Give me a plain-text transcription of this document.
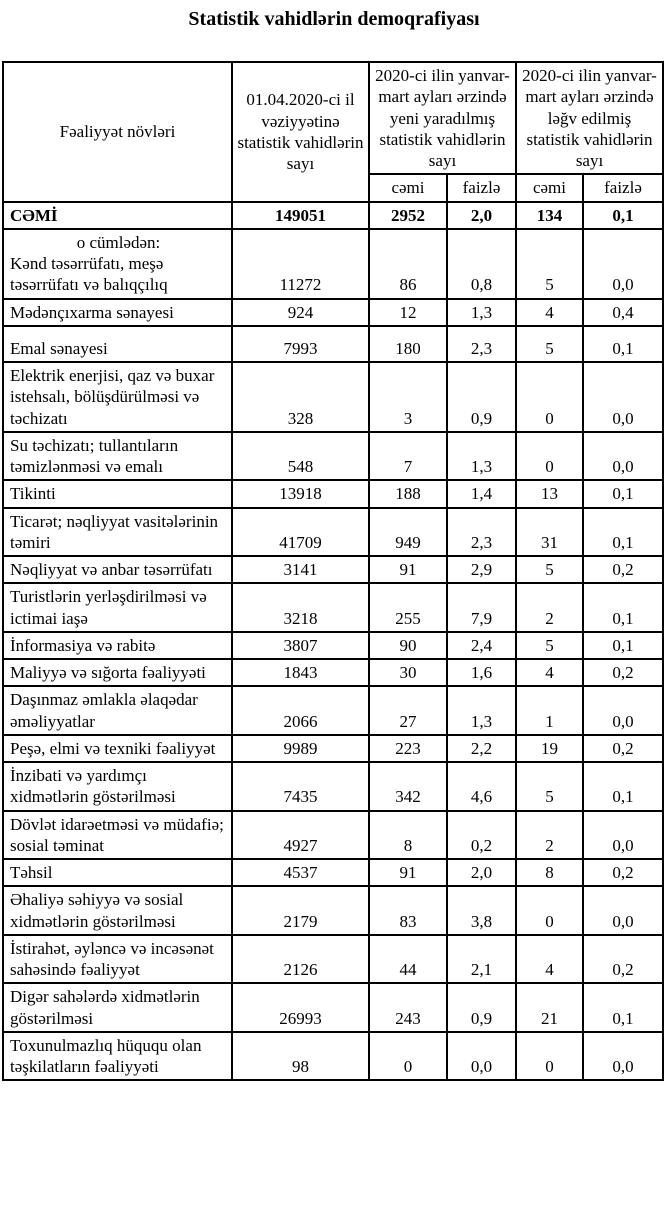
Statistik vahidlərin demoqrafiyası
Fəaliyyət növləri	01.04.2020-ci il vəziyyətinə statistik vahidlərin sayı	2020-ci ilin yanvar-mart ayları ərzində yeni yaradılmış statistik vahidlərin sayı		2020-ci ilin yanvar-mart ayları ərzində ləğv edilmiş statistik vahidlərin sayı	
		cəmi	faizlə	cəmi	faizlə

CƏMİ	149051	2952	2,0	134	0,1

o cümlədən:
Kənd təsərrüfatı, meşə təsərrüfatı və balıqçılıq	11272	86	0,8	5	0,0

Mədənçıxarma sənayesi	924	12	1,3	4	0,4

Emal sənayesi	7993	180	2,3	5	0,1

Elektrik enerjisi, qaz və buxar istehsalı, bölüşdürülməsi və təchizatı	328	3	0,9	0	0,0

Su təchizatı; tullantıların təmizlənməsi və emalı	548	7	1,3	0	0,0

Tikinti	13918	188	1,4	13	0,1

Ticarət; nəqliyyat vasitələrinin təmiri	41709	949	2,3	31	0,1

Nəqliyyat və anbar təsərrüfatı	3141	91	2,9	5	0,2

Turistlərin yerləşdirilməsi və ictimai iaşə	3218	255	7,9	2	0,1

İnformasiya və rabitə	3807	90	2,4	5	0,1

Maliyyə və sığorta fəaliyyəti	1843	30	1,6	4	0,2

Daşınmaz əmlakla əlaqədar əməliyyatlar	2066	27	1,3	1	0,0

Peşə, elmi və texniki fəaliyyət	9989	223	2,2	19	0,2

İnzibati və yardımçı xidmətlərin göstərilməsi	7435	342	4,6	5	0,1

Dövlət idarəetməsi və müdafiə; sosial təminat	4927	8	0,2	2	0,0

Təhsil	4537	91	2,0	8	0,2

Əhaliyə səhiyyə və sosial xidmətlərin göstərilməsi	2179	83	3,8	0	0,0

İstirahət, əyləncə və incəsənət sahəsində fəaliyyət	2126	44	2,1	4	0,2

Digər sahələrdə xidmətlərin göstərilməsi	26993	243	0,9	21	0,1

Toxunulmazlıq hüququ olan təşkilatların fəaliyyəti	98	0	0,0	0	0,0
